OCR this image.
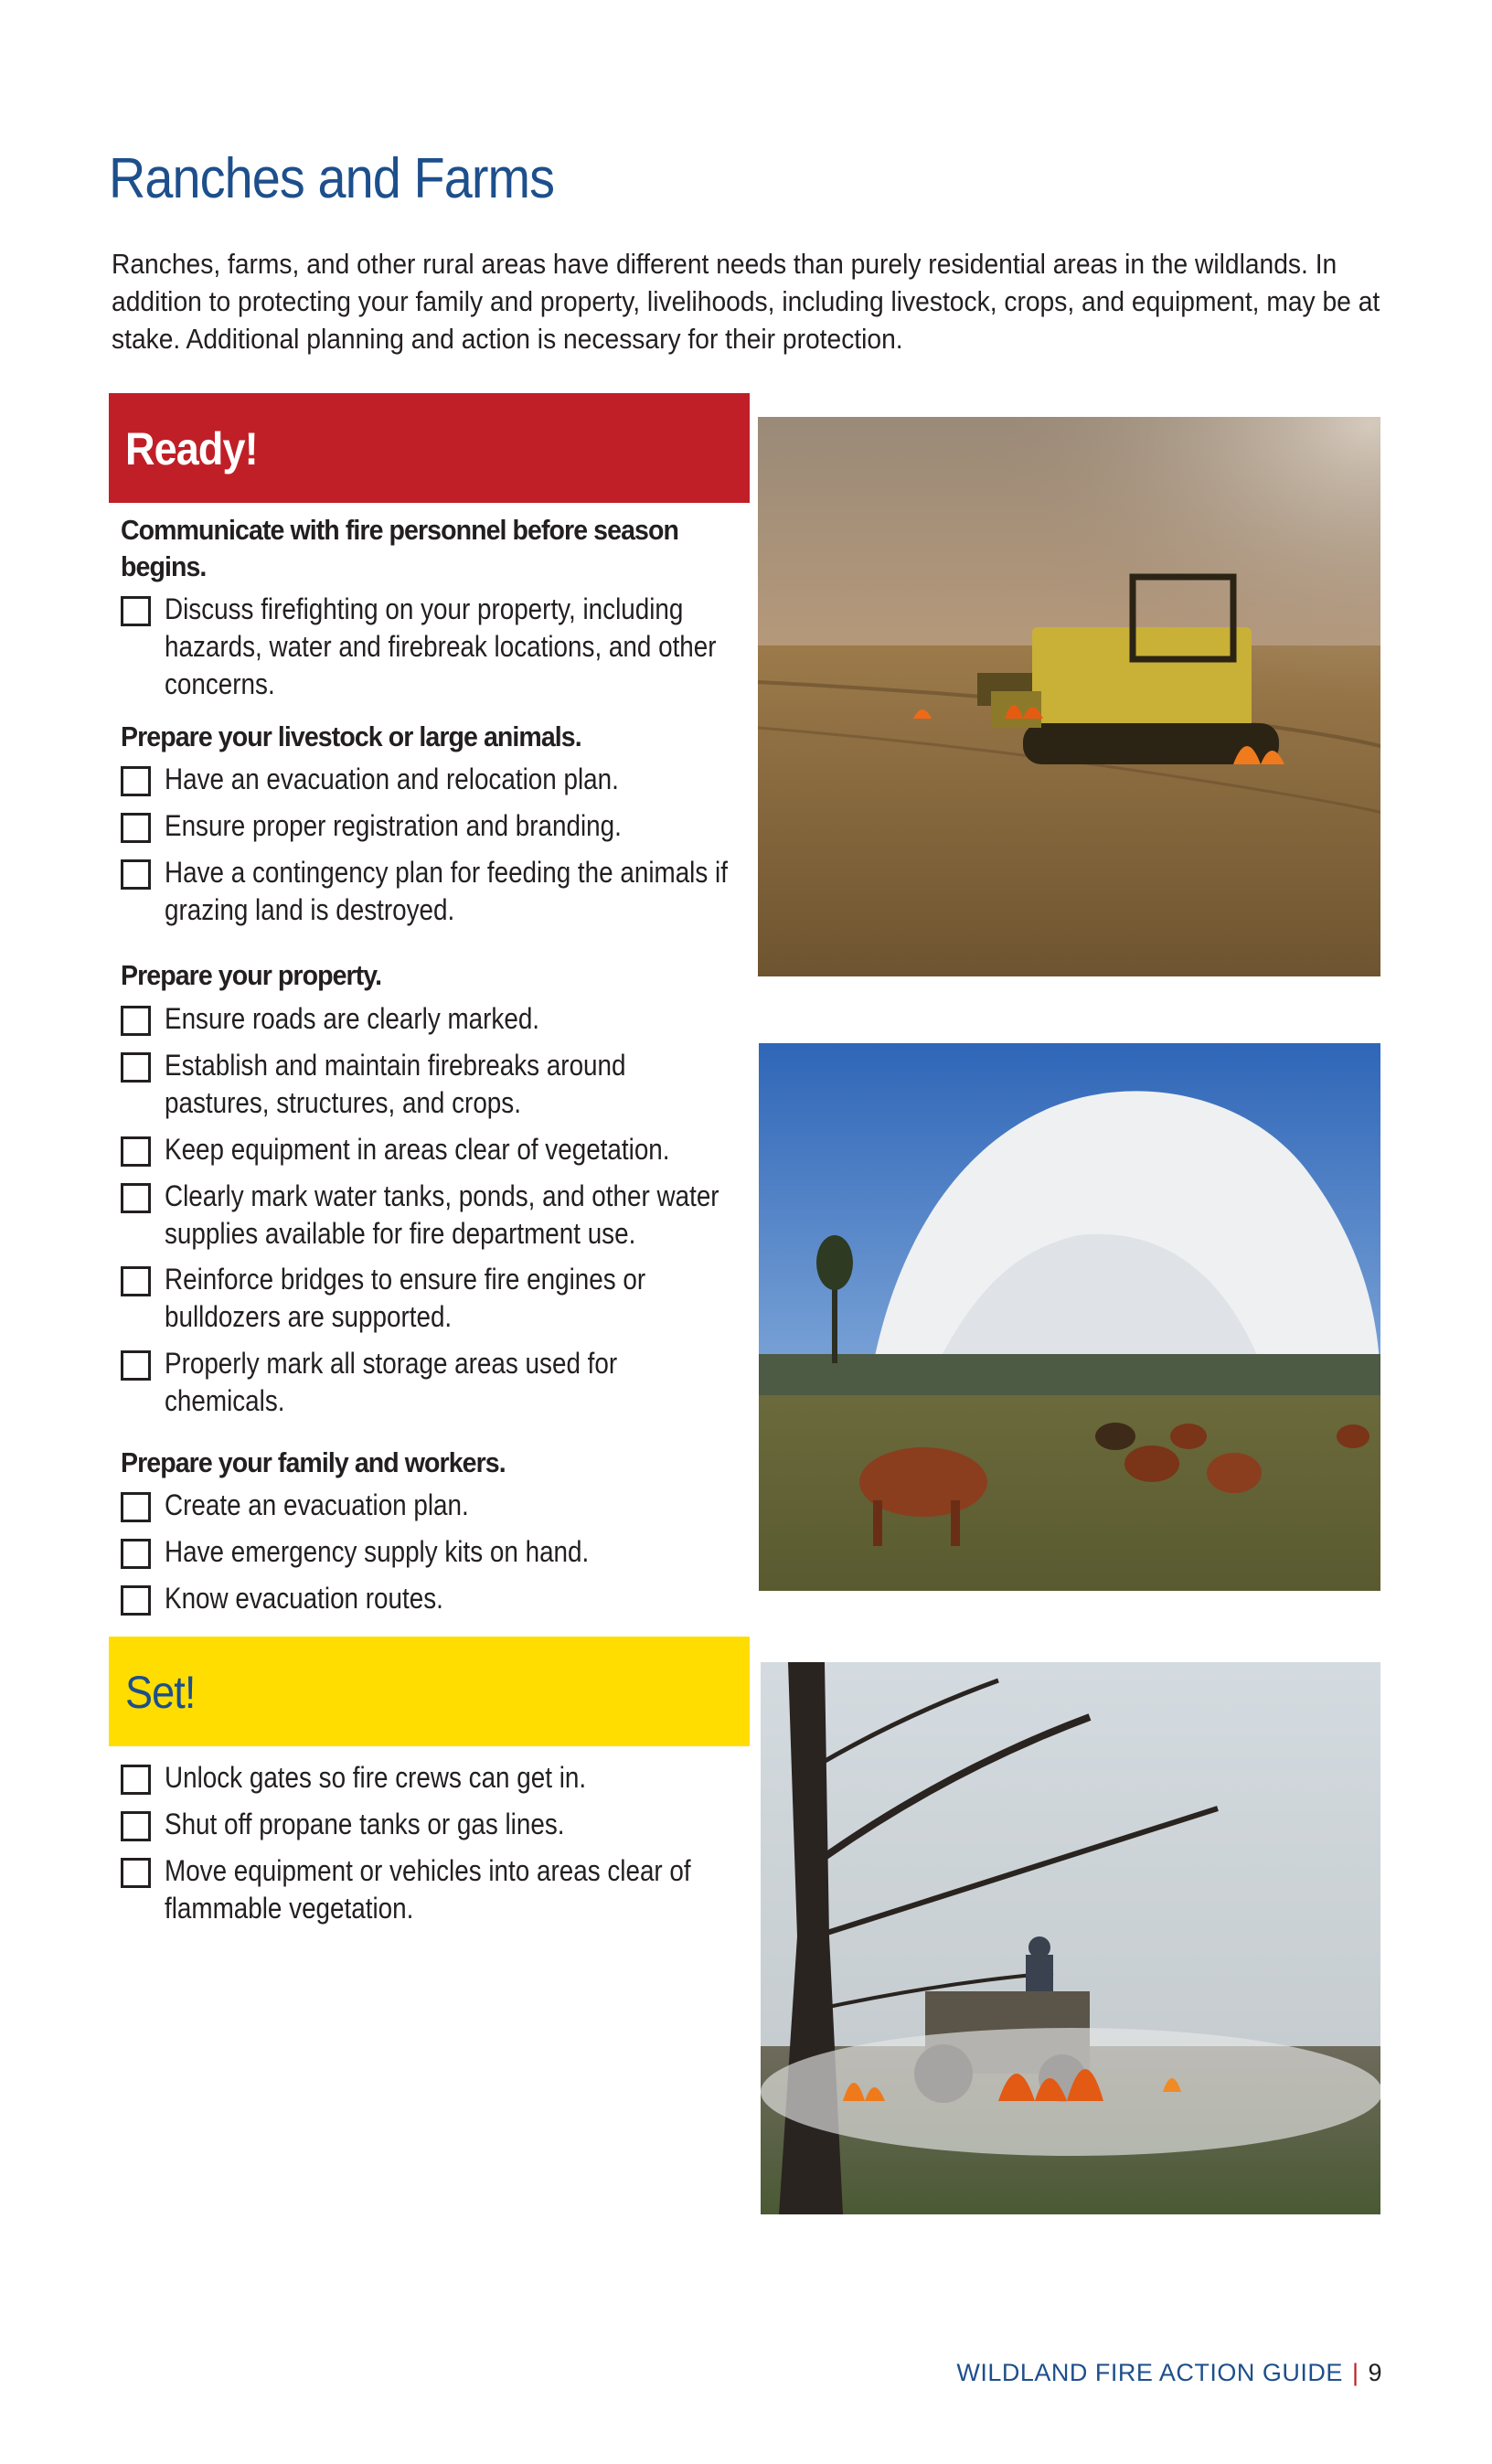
Ranches and Farms

Ranches, farms, and other rural areas have different needs than purely residential areas in the wildlands. In addition to protecting your family and property, livelihoods, including livestock, crops, and equipment, may be at stake. Additional planning and action is necessary for their protection.

Ready!
Communicate with fire personnel before season begins.
Discuss firefighting on your property, including hazards, water and firebreak locations, and other concerns.
Prepare your livestock or large animals.
Have an evacuation and relocation plan.
Ensure proper registration and branding.
Have a contingency plan for feeding the animals if grazing land is destroyed.
Prepare your property.
Ensure roads are clearly marked.
Establish and maintain firebreaks around pastures, structures, and crops.
Keep equipment in areas clear of vegetation.
Clearly mark water tanks, ponds, and other water supplies available for fire department use.
Reinforce bridges to ensure fire engines or bulldozers are supported.
Properly mark all storage areas used for chemicals.
Prepare your family and workers.
Create an evacuation plan.
Have emergency supply kits on hand.
Know evacuation routes.
Set!
Unlock gates so fire crews can get in.
Shut off propane tanks or gas lines.
Move equipment or vehicles into areas clear of flammable vegetation.
WILDLAND FIRE ACTION GUIDE | 9
